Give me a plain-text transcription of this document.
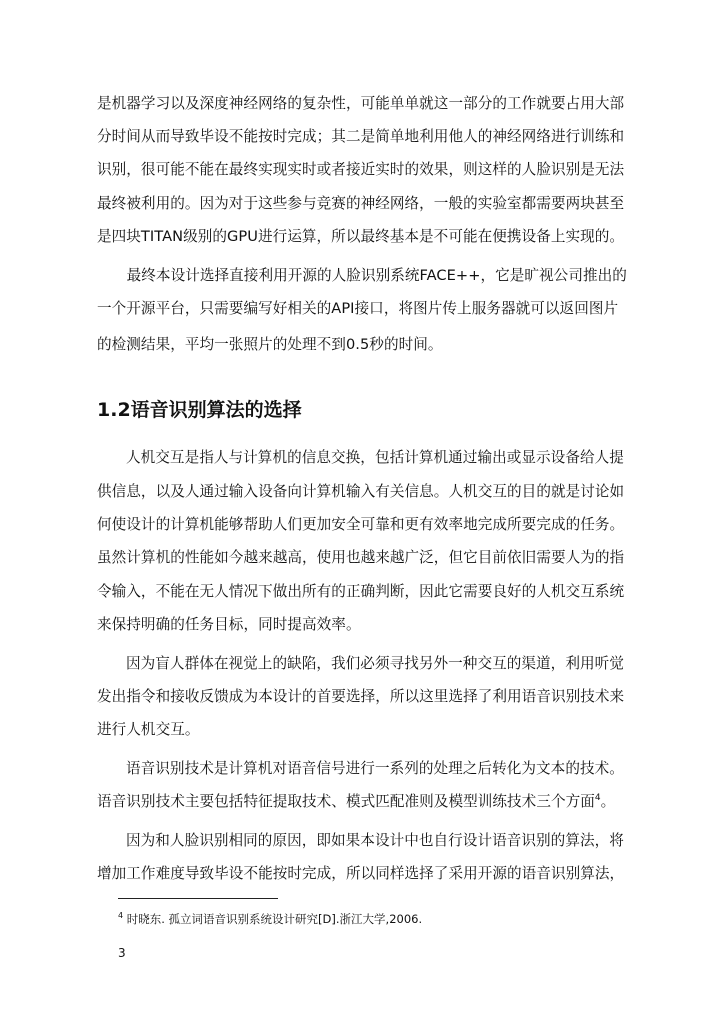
是机器学习以及深度神经网络的复杂性，可能单单就这一部分的工作就要占用大部
分时间从而导致毕设不能按时完成；其二是简单地利用他人的神经网络进行训练和
识别，很可能不能在最终实现实时或者接近实时的效果，则这样的人脸识别是无法
最终被利用的。因为对于这些参与竞赛的神经网络，一般的实验室都需要两块甚至
是四块TITAN级别的GPU进行运算，所以最终基本是不可能在便携设备上实现的。
　最终本设计选择直接利用开源的人脸识别系统FACE++，它是旷视公司推出的
一个开源平台，只需要编写好相关的API接口，将图片传上服务器就可以返回图片
的检测结果，平均一张照片的处理不到0.5秒的时间。
1.2语音识别算法的选择
人机交互是指人与计算机的信息交换，包括计算机通过输出或显示设备给人提
供信息，以及人通过输入设备向计算机输入有关信息。人机交互的目的就是讨论如
何使设计的计算机能够帮助人们更加安全可靠和更有效率地完成所要完成的任务。
虽然计算机的性能如今越来越高，使用也越来越广泛，但它目前依旧需要人为的指
令输入，不能在无人情况下做出所有的正确判断，因此它需要良好的人机交互系统
来保持明确的任务目标，同时提高效率。
因为盲人群体在视觉上的缺陷，我们必须寻找另外一种交互的渠道，利用听觉
发出指令和接收反馈成为本设计的首要选择，所以这里选择了利用语音识别技术来
进行人机交互。
语音识别技术是计算机对语音信号进行一系列的处理之后转化为文本的技术。
语音识别技术主要包括特征提取技术、模式匹配准则及模型训练技术三个方面$^4$。
因为和人脸识别相同的原因，即如果本设计中也自行设计语音识别的算法，将
增加工作难度导致毕设不能按时完成，所以同样选择了采用开源的语音识别算法，
$^4$ 时晓东. 孤立词语音识别系统设计研究[D].浙江大学,2006.
3
